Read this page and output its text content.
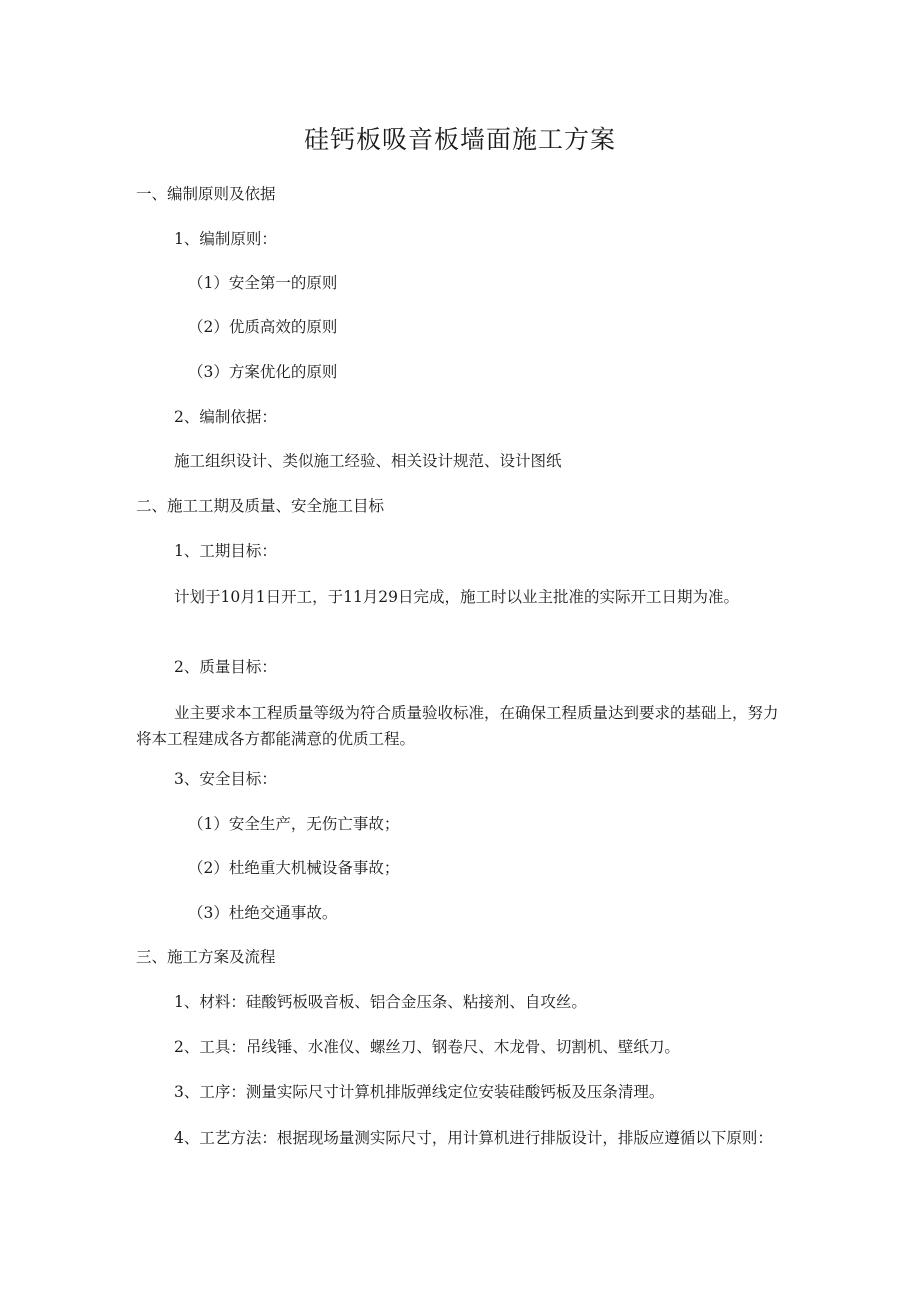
硅钙板吸音板墙面施工方案
一、编制原则及依据
1、编制原则：
（1）安全第一的原则
（2）优质高效的原则
（3）方案优化的原则
2、编制依据：
施工组织设计、类似施工经验、相关设计规范、设计图纸
二、施工工期及质量、安全施工目标
1、工期目标：
计划于10月1日开工，于11月29日完成，施工时以业主批准的实际开工日期为准。
2、质量目标：
业主要求本工程质量等级为符合质量验收标准，在确保工程质量达到要求的基础上，努力将本工程建成各方都能满意的优质工程。
3、安全目标：
（1）安全生产，无伤亡事故；
（2）杜绝重大机械设备事故；
（3）杜绝交通事故。
三、施工方案及流程
1、材料：硅酸钙板吸音板、铝合金压条、粘接剂、自攻丝。
2、工具：吊线锤、水准仪、螺丝刀、钢卷尺、木龙骨、切割机、壁纸刀。
3、工序：测量实际尺寸计算机排版弹线定位安装硅酸钙板及压条清理。
4、工艺方法：根据现场量测实际尺寸，用计算机进行排版设计，排版应遵循以下原则：
